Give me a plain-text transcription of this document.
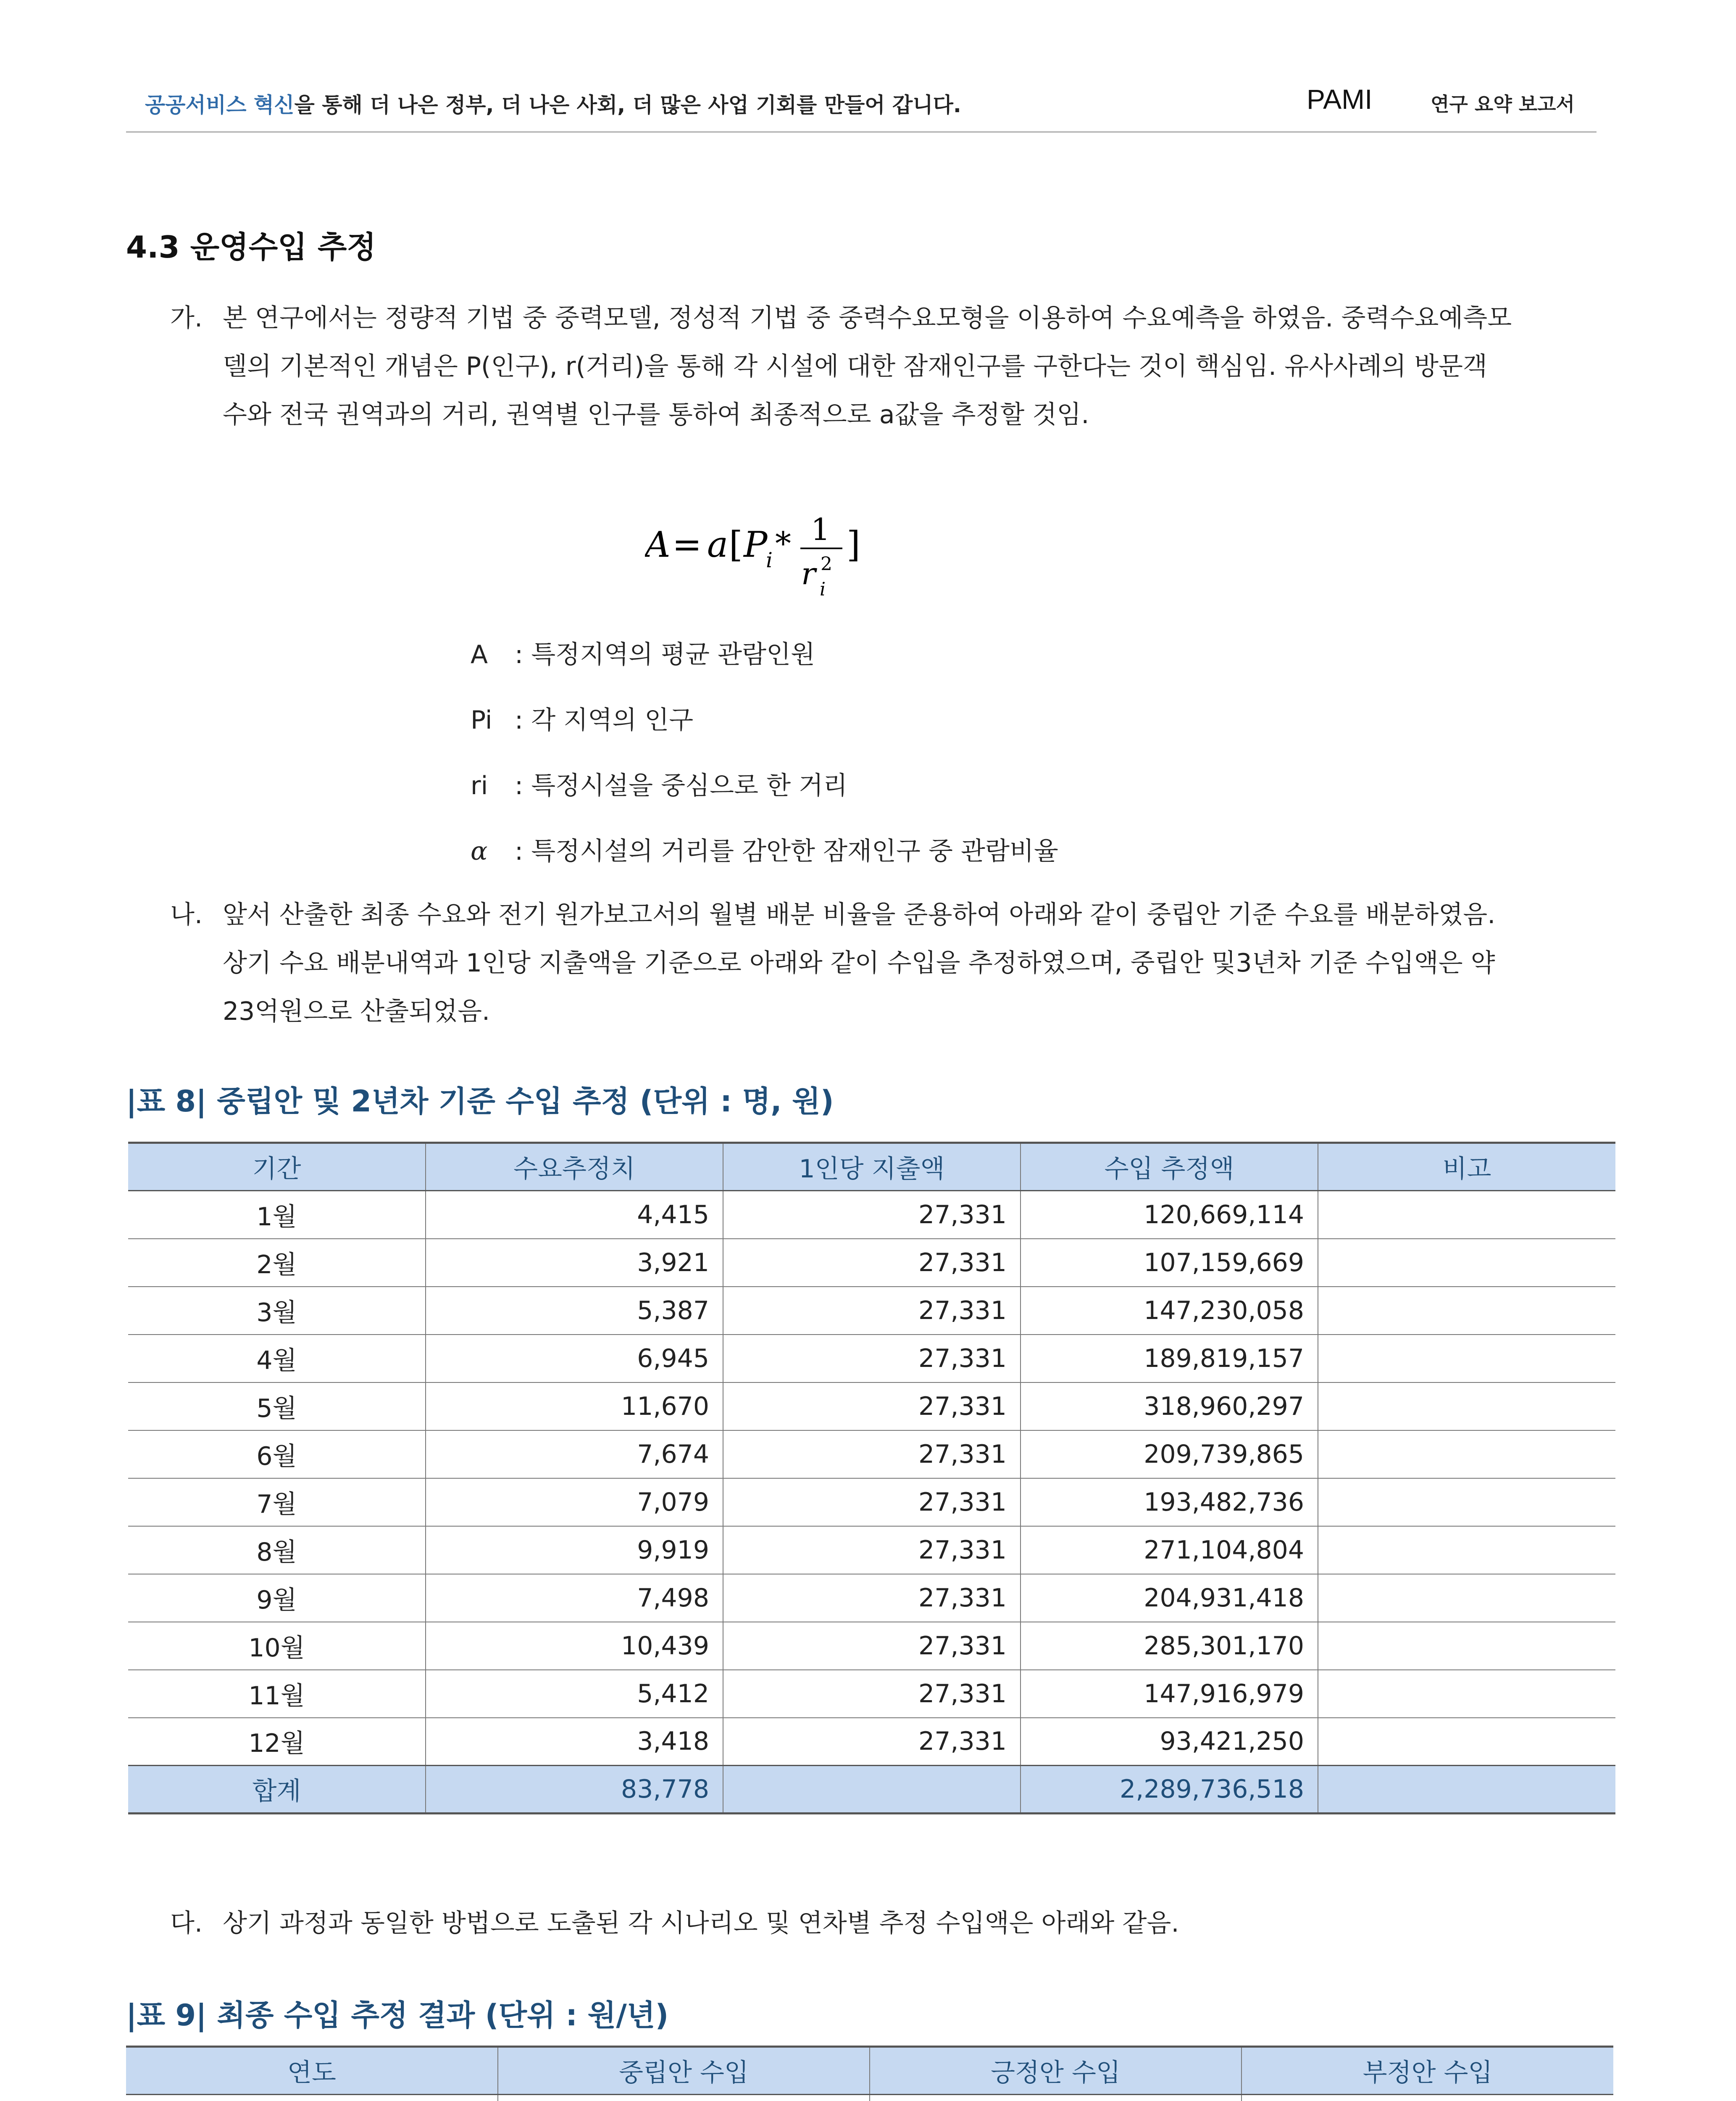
공공서비스 혁신을 통해 더 나은 정부, 더 나은 사회, 더 많은 사업 기회를 만들어 갑니다.	PAMI	연구 요약 보고서
4.3 운영수입 추정
가. 본 연구에서는 정량적 기법 중 중력모델, 정성적 기법 중 중력수요모형을 이용하여 수요예측을 하였음. 중력수요예측모
델의 기본적인 개념은 P(인구), r(거리)을 통해 각 시설에 대한 잠재인구를 구한다는 것이 핵심임. 유사사례의 방문객
수와 전국 권역과의 거리, 권역별 인구를 통하여 최종적으로 a값을 추정할 것임.
A = a [ P
i * 1
r 2
i
]
A : 특정지역의 평균 관람인원
Pi : 각 지역의 인구
ri : 특정시설을 중심으로 한 거리
α : 특정시설의 거리를 감안한 잠재인구 중 관람비율
나. 앞서 산출한 최종 수요와 전기 원가보고서의 월별 배분 비율을 준용하여 아래와 같이 중립안 기준 수요를 배분하였음.
상기 수요 배분내역과 1인당 지출액을 기준으로 아래와 같이 수입을 추정하였으며, 중립안 및3년차 기준 수입액은 약
23억원으로 산출되었음.
|표 8| 중립안 및 2년차 기준 수입 추정 (단위 : 명, 원)
기간	수요추정치	1인당 지출액	수입 추정액	비고
1월	4,415	27,331	120,669,114	
2월	3,921	27,331	107,159,669	
3월	5,387	27,331	147,230,058	
4월	6,945	27,331	189,819,157	
5월	11,670	27,331	318,960,297	
6월	7,674	27,331	209,739,865	
7월	7,079	27,331	193,482,736	
8월	9,919	27,331	271,104,804	
9월	7,498	27,331	204,931,418	
10월	10,439	27,331	285,301,170	
11월	5,412	27,331	147,916,979	
12월	3,418	27,331	93,421,250	
합계	83,778		2,289,736,518	
다. 상기 과정과 동일한 방법으로 도출된 각 시나리오 및 연차별 추정 수입액은 아래와 같음.
|표 9| 최종 수입 추정 결과 (단위 : 원/년)
연도	중립안 수입	긍정안 수입	부정안 수입
